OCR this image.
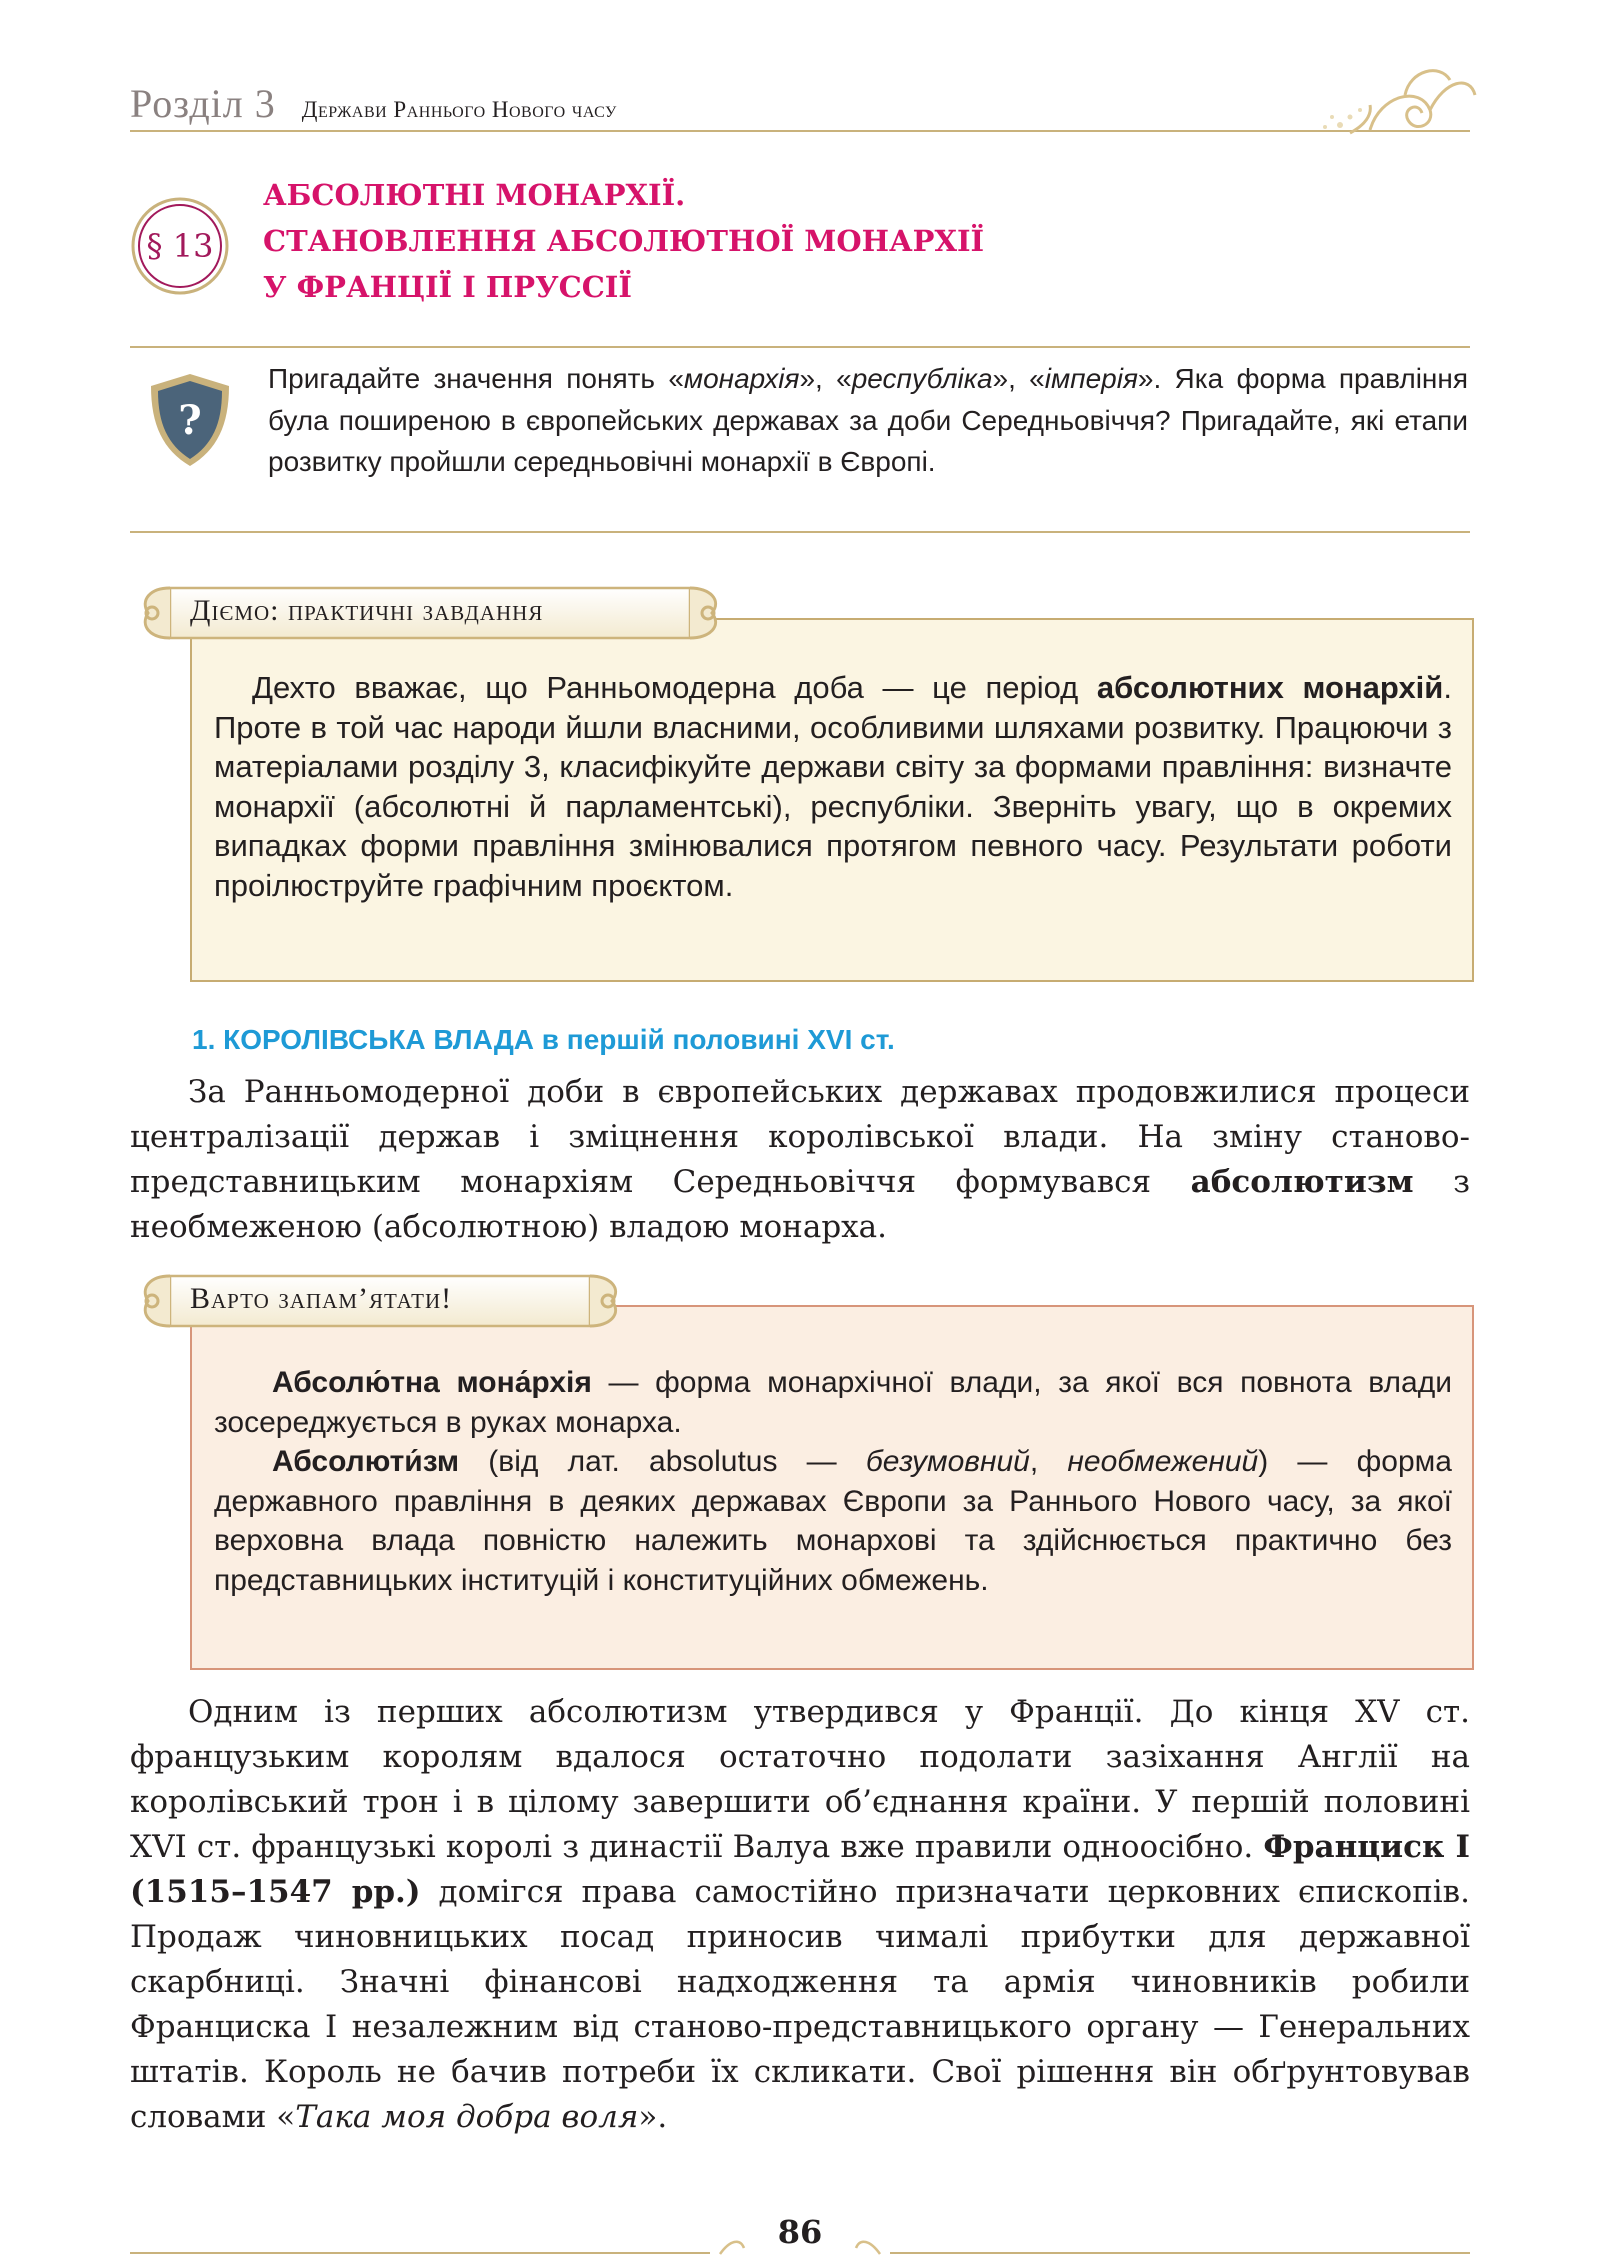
Розділ 3 Держави Раннього Нового часу
§ 13
АБСОЛЮТНІ МОНАРХІЇ.
СТАНОВЛЕННЯ АБСОЛЮТНОЇ МОНАРХІЇ
У ФРАНЦІЇ І ПРУССІЇ
?
Пригадайте значення понять «монархія», «республіка», «імперія». Яка форма правління була поширеною в європейських державах за доби Середньовіччя? Пригадайте, які етапи розвитку пройшли середньовічні монархії в Європі.
Діємо: практичні завдання

Дехто вважає, що Ранньомодерна доба — це період абсолютних монархій. Проте в той час народи йшли власними, особливими шляхами розвитку. Працюючи з матеріалами розділу 3, класифікуйте держави світу за формами правління: визначте монархії (абсолютні й парламентські), республіки. Зверніть увагу, що в окремих випадках форми правління змінювалися протягом певного часу. Результати роботи проілюструйте графічним проєктом.

1. КОРОЛІВСЬКА ВЛАДА в першій половині XVI ст.

За Ранньомодерної доби в європейських державах продовжилися процеси централізації держав і зміцнення королівської влади. На зміну станово-представницьким монархіям Середньовіччя формувався абсолютизм з необмеженою (абсолютною) владою монарха.

Варто запам’ятати!

Абсолю́тна мона́рхія — форма монархічної влади, за якої вся повнота влади зосереджується в руках монарха.

Абсолюти́зм (від лат. absolutus — безумовний, необмежений) — форма державного правління в деяких державах Європи за Раннього Нового часу, за якої верховна влада повністю належить монархові та здійснюється практично без представницьких інституцій і конституційних обмежень.

Одним із перших абсолютизм утвердився у Франції. До кінця XV ст. французьким королям вдалося остаточно подолати зазіхання Англії на королівський трон і в цілому завершити об’єднання країни. У першій половині XVI ст. французькі королі з династії Валуа вже правили одноосібно. Франциск І (1515–1547 рр.) домігся права самостійно призначати церковних єпископів. Продаж чиновницьких посад приносив чималі прибутки для державної скарбниці. Значні фінансові надходження та армія чиновників робили Франциска І незалежним від станово-представницького органу — Генеральних штатів. Король не бачив потреби їх скликати. Свої рішення він обґрунтовував словами «Така моя добра воля».

86
